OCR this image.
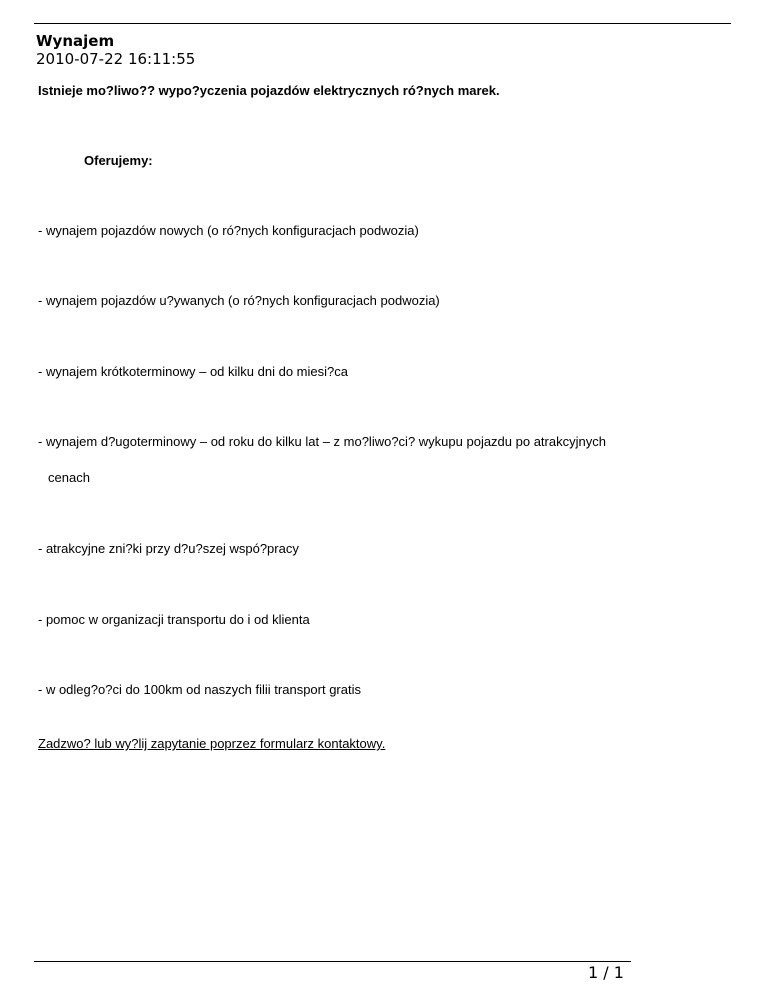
Wynajem
2010-07-22 16:11:55
Istnieje mo?liwo?? wypo?yczenia pojazdów elektrycznych ró?nych marek.
Oferujemy:
- wynajem pojazdów nowych (o ró?nych konfiguracjach podwozia)
- wynajem pojazdów u?ywanych (o ró?nych konfiguracjach podwozia)
- wynajem krótkoterminowy – od kilku dni do miesi?ca
- wynajem d?ugoterminowy – od roku do kilku lat – z mo?liwo?ci? wykupu pojazdu po atrakcyjnych
cenach
- atrakcyjne zni?ki przy d?u?szej wspó?pracy
- pomoc w organizacji transportu do i od klienta
- w odleg?o?ci do 100km od naszych filii transport gratis
Zadzwo? lub wy?lij zapytanie poprzez formularz kontaktowy.
1 / 1
